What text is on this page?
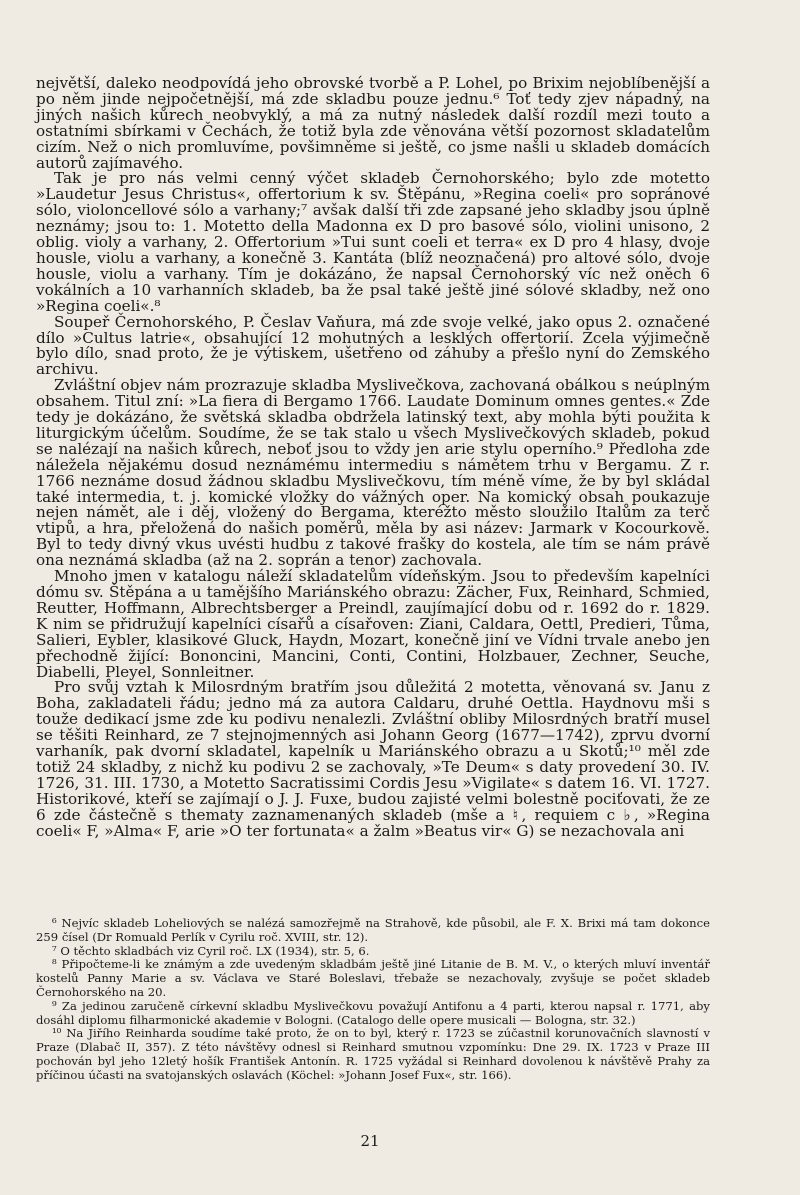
největší, daleko neodpovídá jeho obrovské tvorbě a P. Lohel, po Brixim nejoblíbenější a po něm jinde nejpočetnější, má zde skladbu pouze jednu.⁶ Toť tedy zjev nápadný, na jiných našich kůrech neobvyklý, a má za nutný následek další rozdíl mezi touto a ostatními sbírkami v Čechách, že totiž byla zde věnována větší pozornost skladatelům cizím. Než o nich promluvíme, povšimněme si ještě, co jsme našli u skladeb domácích autorů zajímavého.

Tak je pro nás velmi cenný výčet skladeb Černohorského; bylo zde motetto »Laudetur Jesus Christus«, offertorium k sv. Štěpánu, »Regina coeli« pro sopránové sólo, violoncellové sólo a varhany;⁷ avšak další tři zde zapsané jeho skladby jsou úplně neznámy; jsou to: 1. Motetto della Madonna ex D pro basové sólo, violini unisono, 2 oblig. violy a varhany, 2. Offertorium »Tui sunt coeli et terra« ex D pro 4 hlasy, dvoje housle, violu a varhany, a konečně 3. Kantáta (blíž neoznačená) pro altové sólo, dvoje housle, violu a varhany. Tím je dokázáno, že napsal Černohorský víc než oněch 6 vokálních a 10 varhanních skladeb, ba že psal také ještě jiné sólové skladby, než ono »Regina coeli«.⁸

Soupeř Černohorského, P. Česlav Vaňura, má zde svoje velké, jako opus 2. označené dílo »Cultus latrie«, obsahující 12 mohutných a lesklých offertorií. Zcela výjimečně bylo dílo, snad proto, že je výtiskem, ušetřeno od záhuby a přešlo nyní do Zemského archivu.

Zvláštní objev nám prozrazuje skladba Myslivečkova, zachovaná obálkou s neúplným obsahem. Titul zní: »La fiera di Bergamo 1766. Laudate Dominum omnes gentes.« Zde tedy je dokázáno, že světská skladba obdržela latinský text, aby mohla býti použita k liturgickým účelům. Soudíme, že se tak stalo u všech Myslivečkových skladeb, pokud se nalézají na našich kůrech, neboť jsou to vždy jen arie stylu operního.⁹ Předloha zde náležela nějakému dosud neznámému intermediu s námětem trhu v Bergamu. Z r. 1766 neznáme dosud žádnou skladbu Myslivečkovu, tím méně víme, že by byl skládal také intermedia, t. j. komické vložky do vážných oper. Na komický obsah poukazuje nejen námět, ale i děj, vložený do Bergama, kteréžto město sloužilo Italům za terč vtipů, a hra, přeložená do našich poměrů, měla by asi název: Jarmark v Kocourkově. Byl to tedy divný vkus uvésti hudbu z takové frašky do kostela, ale tím se nám právě ona neznámá skladba (až na 2. soprán a tenor) zachovala.

Mnoho jmen v katalogu náleží skladatelům vídeňským. Jsou to především kapelníci dómu sv. Štěpána a u tamějšího Mariánského obrazu: Zächer, Fux, Reinhard, Schmied, Reutter, Hoffmann, Albrechtsberger a Preindl, zaujímající dobu od r. 1692 do r. 1829. K nim se přidružují kapelníci císařů a císařoven: Ziani, Caldara, Oettl, Predieri, Tůma, Salieri, Eybler, klasikové Gluck, Haydn, Mozart, konečně jiní ve Vídni trvale anebo jen přechodně žijící: Bononcini, Mancini, Conti, Contini, Holzbauer, Zechner, Seuche, Diabelli, Pleyel, Sonnleitner.

Pro svůj vztah k Milosrdným bratřím jsou důležitá 2 motetta, věnovaná sv. Janu z Boha, zakladateli řádu; jedno má za autora Caldaru, druhé Oettla. Haydnovu mši s touže dedikací jsme zde ku podivu nenalezli. Zvláštní obliby Milosrdných bratří musel se těšiti Reinhard, ze 7 stejnojmenných asi Johann Georg (1677—1742), zprvu dvorní varhaník, pak dvorní skladatel, kapelník u Mariánského obrazu a u Skotů;¹⁰ měl zde totiž 24 skladby, z nichž ku podivu 2 se zachovaly, »Te Deum« s daty provedení 30. IV. 1726, 31. III. 1730, a Motetto Sacratissimi Cordis Jesu »Vigilate« s datem 16. VI. 1727. Historikové, kteří se zajímají o J. J. Fuxe, budou zajisté velmi bolestně pociťovati, že ze 6 zde částečně s thematy zaznamenaných skladeb (mše a ♮, requiem c ♭, »Regina coeli« F, »Alma« F, arie »O ter fortunata« a žalm »Beatus vir« G) se nezachovala ani

⁶ Nejvíc skladeb Loheliových se nalézá samozřejmě na Strahově, kde působil, ale F. X. Brixi má tam dokonce 259 čísel (Dr Romuald Perlík v Cyrilu roč. XVIII, str. 12).

⁷ O těchto skladbách viz Cyril roč. LX (1934), str. 5, 6.

⁸ Připočteme-li ke známým a zde uvedeným skladbám ještě jiné Litanie de B. M. V., o kterých mluví inventář kostelů Panny Marie a sv. Václava ve Staré Boleslavi, třebaže se nezachovaly, zvyšuje se počet skladeb Černohorského na 20.

⁹ Za jedinou zaručeně církevní skladbu Myslivečkovu považují Antifonu a 4 parti, kterou napsal r. 1771, aby dosáhl diplomu filharmonické akademie v Bologni. (Catalogo delle opere musicali — Bologna, str. 32.)

¹⁰ Na Jiřího Reinharda soudíme také proto, že on to byl, který r. 1723 se zúčastnil korunovačních slavností v Praze (Dlabač II, 357). Z této návštěvy odnesl si Reinhard smutnou vzpomínku: Dne 29. IX. 1723 v Praze III pochován byl jeho 12letý hošík František Antonín. R. 1725 vyžádal si Reinhard dovolenou k návštěvě Prahy za příčinou účasti na svatojanských oslavách (Köchel: »Johann Josef Fux«, str. 166).

21
